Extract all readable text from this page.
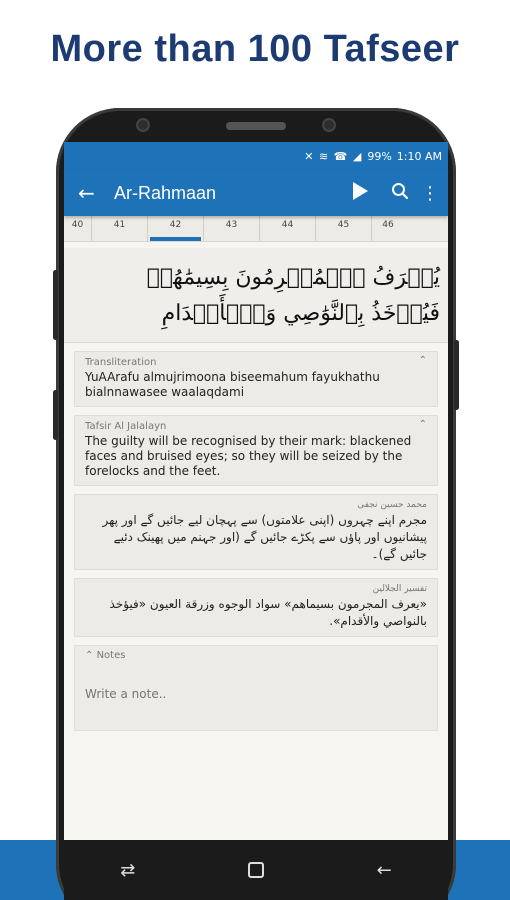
More than 100 Tafseer
✕ ≋ ☎ ◢ 99% 1:10 AM
←	Ar-Rahmaan	⋮
40	41	42	43	44	45	46
يُعۡرَفُ ٱلۡمُجۡرِمُونَ بِسِيمَٰهُمۡ فَيُؤۡخَذُ بِٱلنَّوَٰصِي وَٱلۡأَقۡدَامِ
Transliteration	⌃
YuAArafu almujrimoona biseemahum fayukhathu bialnnawasee waalaqdami
Tafsir Al Jalalayn	⌃
The guilty will be recognised by their mark: blackened faces and bruised eyes; so they will be seized by the forelocks and the feet.
محمد حسین نجفی
مجرم اپنے چہروں (اپنی علامتوں) سے پہچان لیے جائیں گے اور پھر پیشانیوں اور پاؤں سے پکڑے جائیں گے (اور جہنم میں پھینک دئیے جائیں گے)۔
تفسير الجلالين
«يعرف المجرمون بسيماهم» سواد الوجوه وزرقة العيون «فيؤخذ بالنواصي والأقدام».
⌃ Notes
Write a note..
⇄	←
